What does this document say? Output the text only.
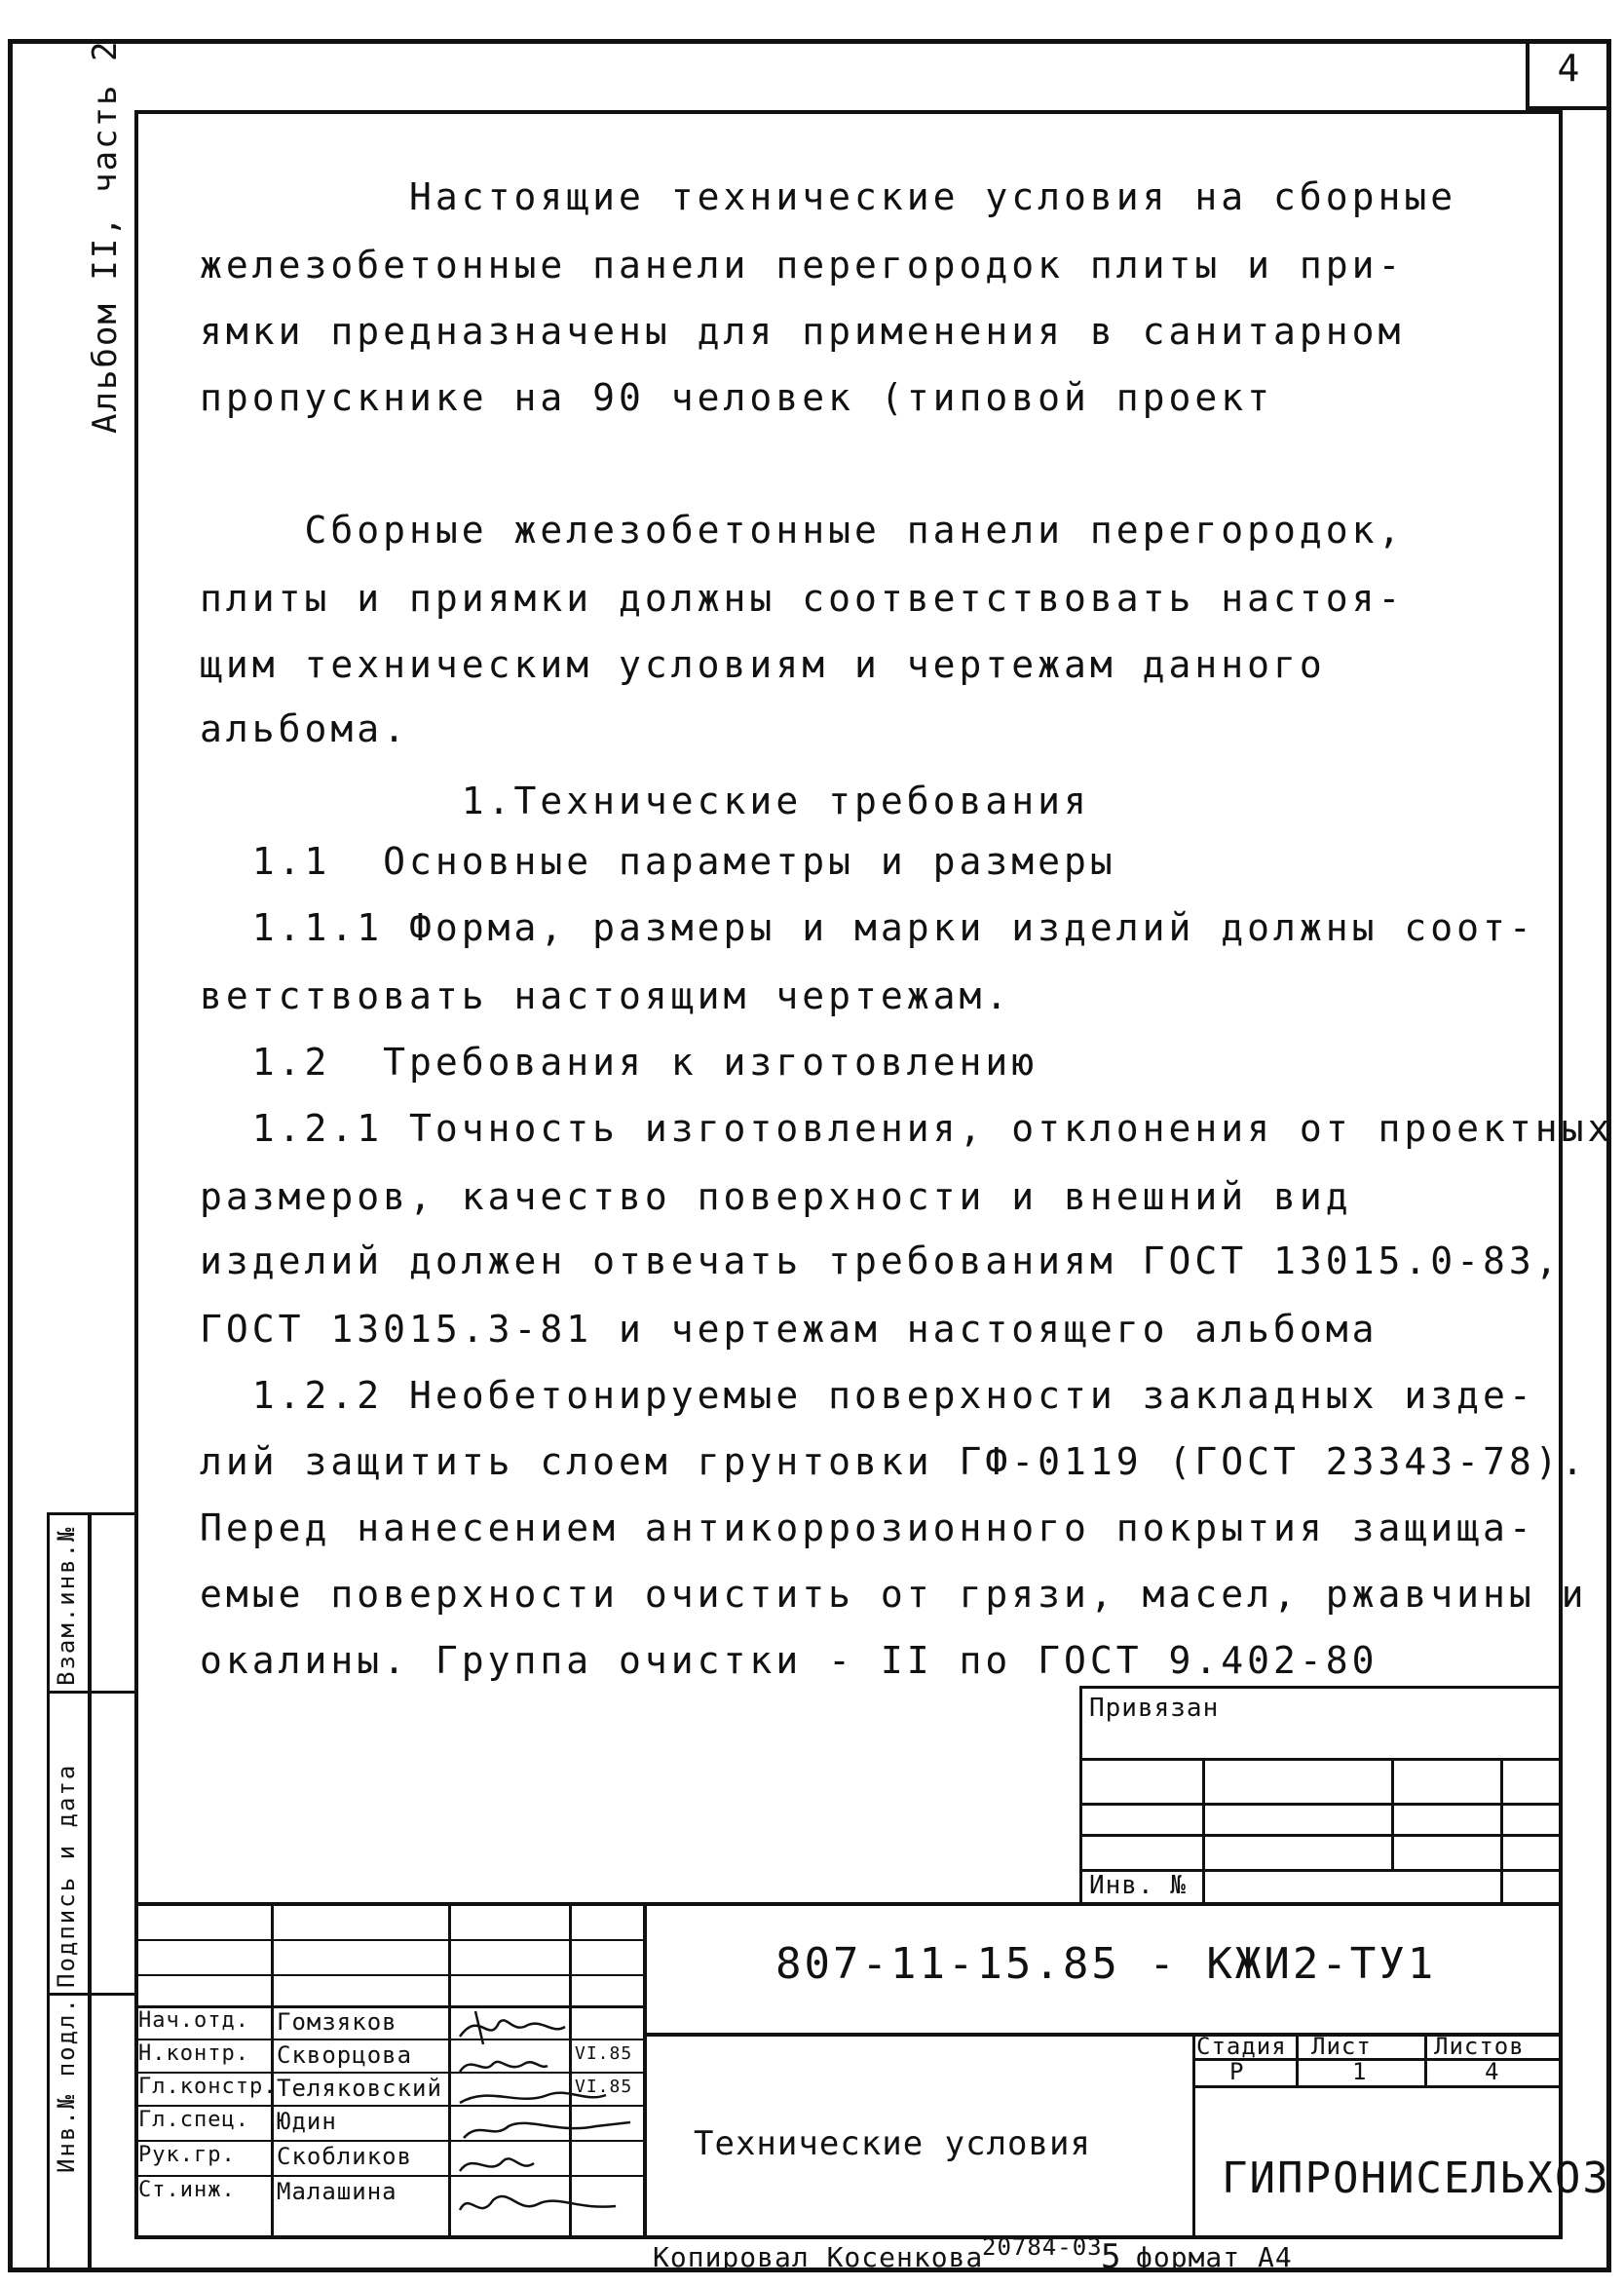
4
Альбом II, часть 2
Взам.инв.№
Подпись и дата
Инв.№ подл.
Настоящие технические условия на сборные
железобетонные панели перегородок плиты и при-
ямки предназначены для применения в санитарном
пропускнике на 90 человек (типовой проект
Сборные железобетонные панели перегородок,
плиты и приямки должны соответствовать настоя-
щим техническим условиям и чертежам данного
альбома.
1.Технические требования
1.1  Основные параметры и размеры
1.1.1 Форма, размеры и марки изделий должны соот-
ветствовать настоящим чертежам.
1.2  Требования к изготовлению
1.2.1 Точность изготовления, отклонения от проектных
размеров, качество поверхности и внешний вид
изделий должен отвечать требованиям ГОСТ 13015.0-83,
ГОСТ 13015.3-81 и чертежам настоящего альбома
1.2.2 Необетонируемые поверхности закладных изде-
лий защитить слоем грунтовки ГФ-0119 (ГОСТ 23343-78).
Перед нанесением антикоррозионного покрытия защища-
емые поверхности очистить от грязи, масел, ржавчины и
окалины. Группа очистки - II по ГОСТ 9.402-80
Привязан
Инв. №
807-11-15.85 - КЖИ2-ТУ1
Технические условия
Стадия Лист	Листов
Р	1	4
ГИПРОНИСЕЛЬХОЗ
Нач.отд. Гомзяков
Н.контр. Скворцова	VI.85
Гл.констр. Теляковский	VI.85
Гл.спец. Юдин
Рук.гр. Скобликов
Ст.инж. Малашина
Копировал Косенкова
20784-03
5 формат А4
